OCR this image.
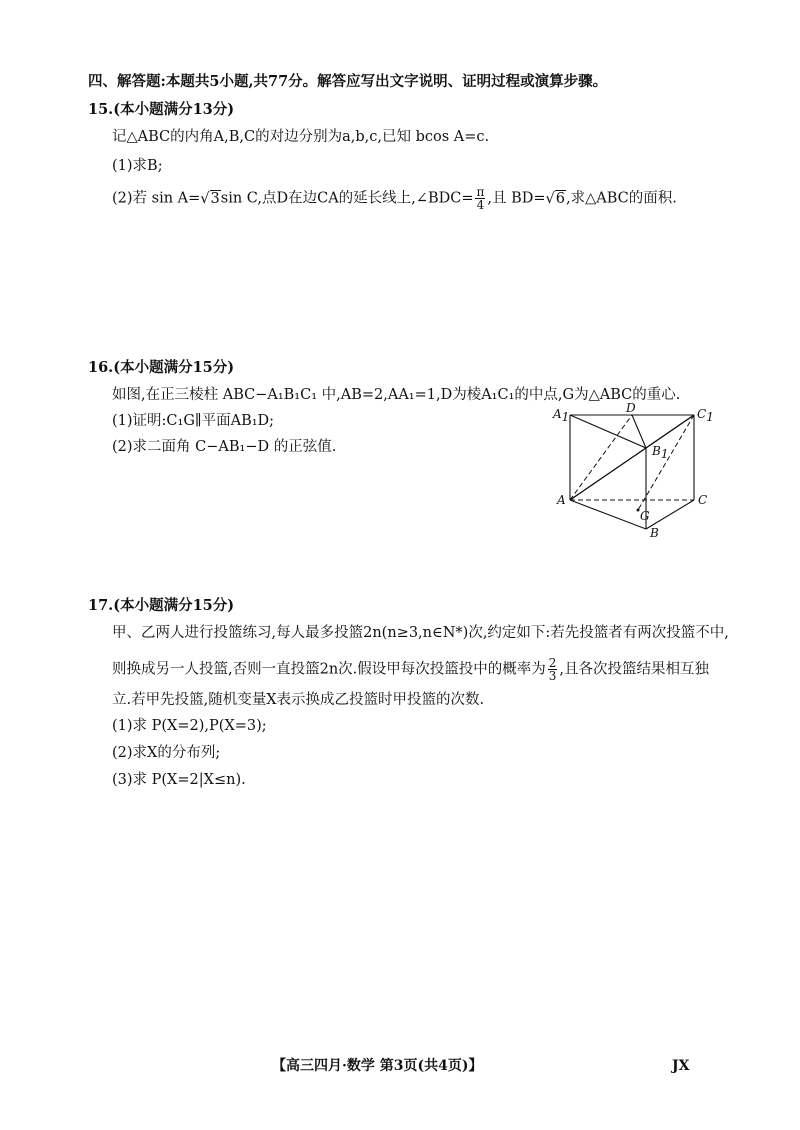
四、解答题:本题共5小题,共77分。解答应写出文字说明、证明过程或演算步骤。
15.(本小题满分13分)
记△ABC的内角A,B,C的对边分别为a,b,c,已知 bcos A=c.
(1)求B;
(2)若 sin A=√3sin C,点D在边CA的延长线上,∠BDC= $\frac{\pi}{4}$ ,且 BD=√6,求△ABC的面积.
16.(本小题满分15分)
如图,在正三棱柱 ABC−A₁B₁C₁ 中,AB=2,AA₁=1,D为棱A₁C₁的中点,G为△ABC的重心.
(1)证明:C₁G∥平面AB₁D;
(2)求二面角 C−AB₁−D 的正弦值.
A1
D	C1
B1
A	C
G
B
17.(本小题满分15分)
甲、乙两人进行投篮练习,每人最多投篮2n(n≥3,n∈N*)次,约定如下:若先投篮者有两次投篮不中,
则换成另一人投篮,否则一直投篮2n次.假设甲每次投篮投中的概率为 $\frac{2}{3}$ ,且各次投篮结果相互独
立.若甲先投篮,随机变量X表示换成乙投篮时甲投篮的次数.
(1)求 P(X=2),P(X=3);
(2)求X的分布列;
(3)求 P(X=2|X≤n).
【高三四月·数学 第3页(共4页)】	JX
